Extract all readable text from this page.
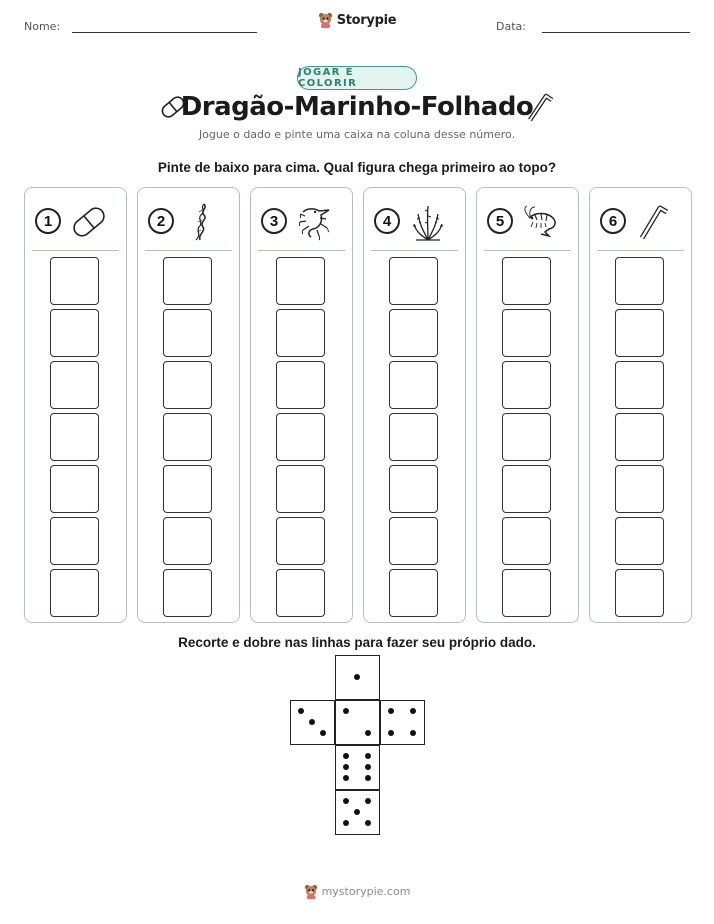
Nome:	Storypie	Data:
JOGAR E COLORIR
Dragão-Marinho-Folhado
Jogue o dado e pinte uma caixa na coluna desse número.
Pinte de baixo para cima. Qual figura chega primeiro ao topo?
1	2	3	4	5	6
Recorte e dobre nas linhas para fazer seu próprio dado.
mystorypie.com
